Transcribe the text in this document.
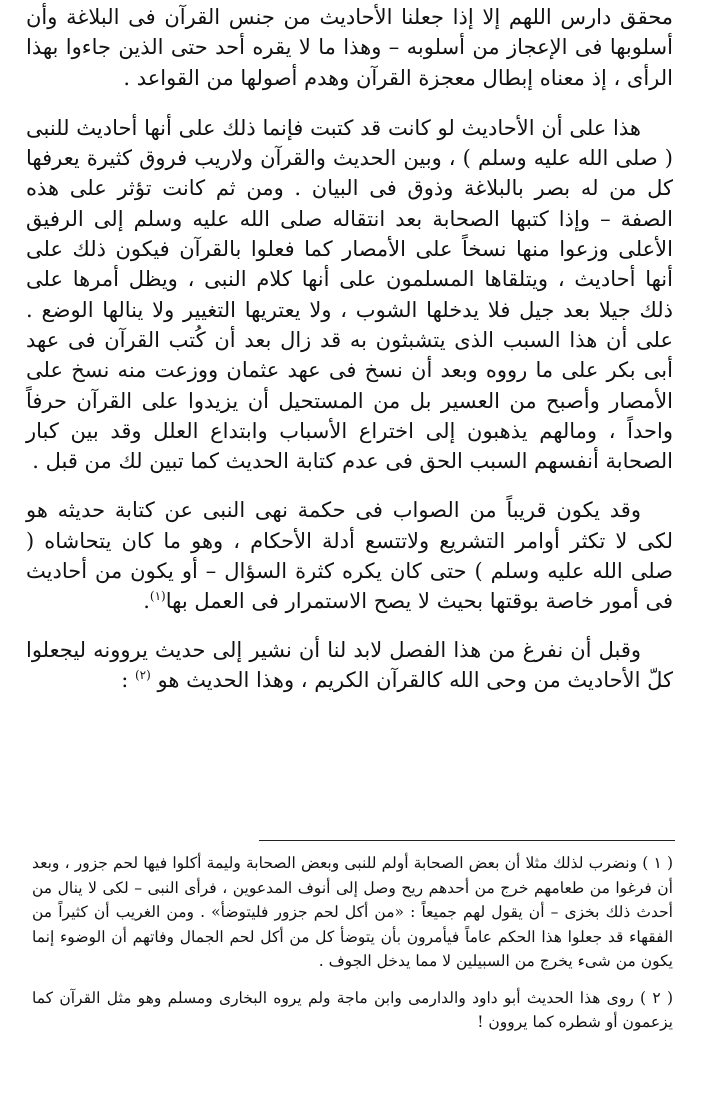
محقق دارس اللهم إلا إذا جعلنا الأحاديث من جنس القرآن فى البلاغة وأن أسلوبها فى الإعجاز من أسلوبه – وهذا ما لا يقره أحد حتى الذين جاءوا بهذا الرأى ، إذ معناه إبطال معجزة القرآن وهدم أصولها من القواعد .

هذا على أن الأحاديث لو كانت قد كتبت فإنما ذلك على أنها أحاديث للنبى ( صلى الله عليه وسلم ) ، وبين الحديث والقرآن ولاريب فروق كثيرة يعرفها كل من له بصر بالبلاغة وذوق فى البيان . ومن ثم كانت تؤثر على هذه الصفة – وإذا كتبها الصحابة بعد انتقاله صلى الله عليه وسلم إلى الرفيق الأعلى وزعوا منها نسخاً على الأمصار كما فعلوا بالقرآن فيكون ذلك على أنها أحاديث ، ويتلقاها المسلمون على أنها كلام النبى ، ويظل أمرها على ذلك جيلا بعد جيل فلا يدخلها الشوب ، ولا يعتريها التغيير ولا ينالها الوضع . على أن هذا السبب الذى يتشبثون به قد زال بعد أن كُتب القرآن فى عهد أبى بكر على ما رووه وبعد أن نسخ فى عهد عثمان ووزعت منه نسخ على الأمصار وأصبح من العسير بل من المستحيل أن يزيدوا على القرآن حرفاً واحداً ، ومالهم يذهبون إلى اختراع الأسباب وابتداع العلل وقد بين كبار الصحابة أنفسهم السبب الحق فى عدم كتابة الحديث كما تبين لك من قبل .

وقد يكون قريباً من الصواب فى حكمة نهى النبى عن كتابة حديثه هو لكى لا تكثر أوامر التشريع ولاتتسع أدلة الأحكام ، وهو ما كان يتحاشاه ( صلى الله عليه وسلم ) حتى كان يكره كثرة السؤال – أو يكون من أحاديث فى أمور خاصة بوقتها بحيث لا يصح الاستمرار فى العمل بها$^{(١)}$.

وقبل أن نفرغ من هذا الفصل لابد لنا أن نشير إلى حديث يروونه ليجعلوا كلّ الأحاديث من وحى الله كالقرآن الكريم ، وهذا الحديث هو $^{(٢)}$ :

( ١ ) ونضرب لذلك مثلا أن بعض الصحابة أولم للنبى وبعض الصحابة وليمة أكلوا فيها لحم جزور ، وبعد أن فرغوا من طعامهم خرج من أحدهم ريح وصل إلى أنوف المدعوين ، فرأى النبى – لكى لا ينال من أحدث ذلك بخزى – أن يقول لهم جميعاً : «من أكل لحم جزور فليتوضأ» . ومن الغريب أن كثيراً من الفقهاء قد جعلوا هذا الحكم عاماً فيأمرون بأن يتوضأ كل من أكل لحم الجمال وفاتهم أن الوضوء إنما يكون من شىء يخرج من السبيلين لا مما يدخل الجوف .

( ٢ ) روى هذا الحديث أبو داود والدارمى وابن ماجة ولم يروه البخارى ومسلم وهو مثل القرآن كما يزعمون أو شطره كما يروون !
